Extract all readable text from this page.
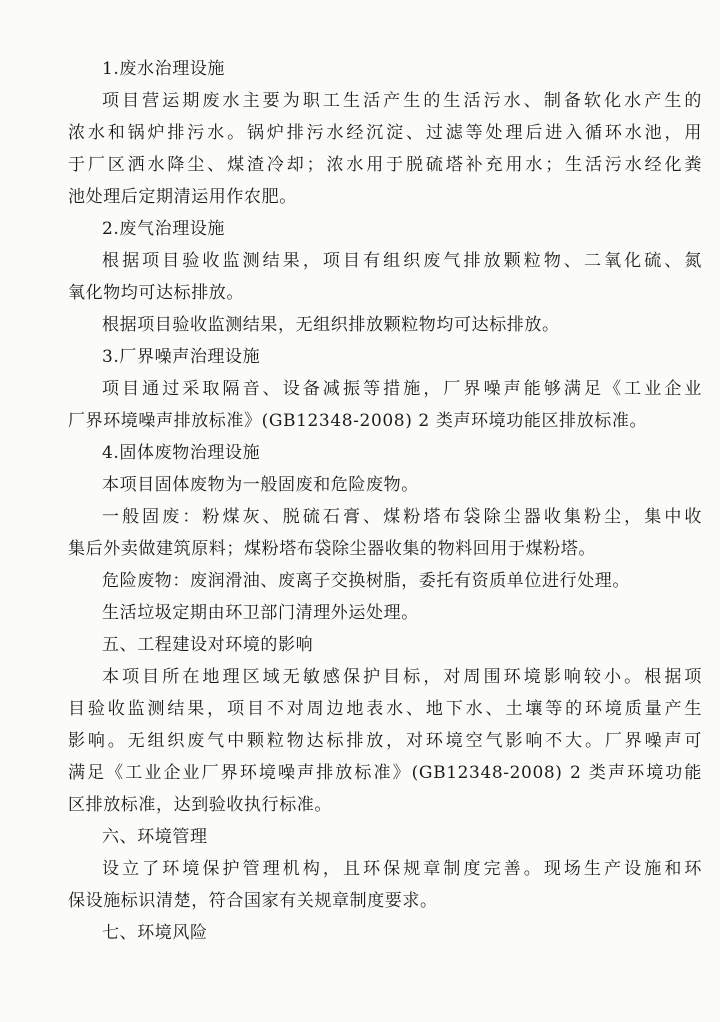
1.废水治理设施
项目营运期废水主要为职工生活产生的生活污水、制备软化水产生的
浓水和锅炉排污水。锅炉排污水经沉淀、过滤等处理后进入循环水池，用
于厂区洒水降尘、煤渣冷却；浓水用于脱硫塔补充用水；生活污水经化粪
池处理后定期清运用作农肥。
2.废气治理设施
根据项目验收监测结果，项目有组织废气排放颗粒物、二氧化硫、氮
氧化物均可达标排放。
根据项目验收监测结果，无组织排放颗粒物均可达标排放。
3.厂界噪声治理设施
项目通过采取隔音、设备减振等措施，厂界噪声能够满足《工业企业
厂界环境噪声排放标准》(GB12348-2008) 2 类声环境功能区排放标准。
4.固体废物治理设施
本项目固体废物为一般固废和危险废物。
一般固废：粉煤灰、脱硫石膏、煤粉塔布袋除尘器收集粉尘，集中收
集后外卖做建筑原料；煤粉塔布袋除尘器收集的物料回用于煤粉塔。
危险废物：废润滑油、废离子交换树脂，委托有资质单位进行处理。
生活垃圾定期由环卫部门清理外运处理。
五、工程建设对环境的影响
本项目所在地理区域无敏感保护目标，对周围环境影响较小。根据项
目验收监测结果，项目不对周边地表水、地下水、土壤等的环境质量产生
影响。无组织废气中颗粒物达标排放，对环境空气影响不大。厂界噪声可
满足《工业企业厂界环境噪声排放标准》(GB12348-2008) 2 类声环境功能
区排放标准，达到验收执行标准。
六、环境管理
设立了环境保护管理机构，且环保规章制度完善。现场生产设施和环
保设施标识清楚，符合国家有关规章制度要求。
七、环境风险
